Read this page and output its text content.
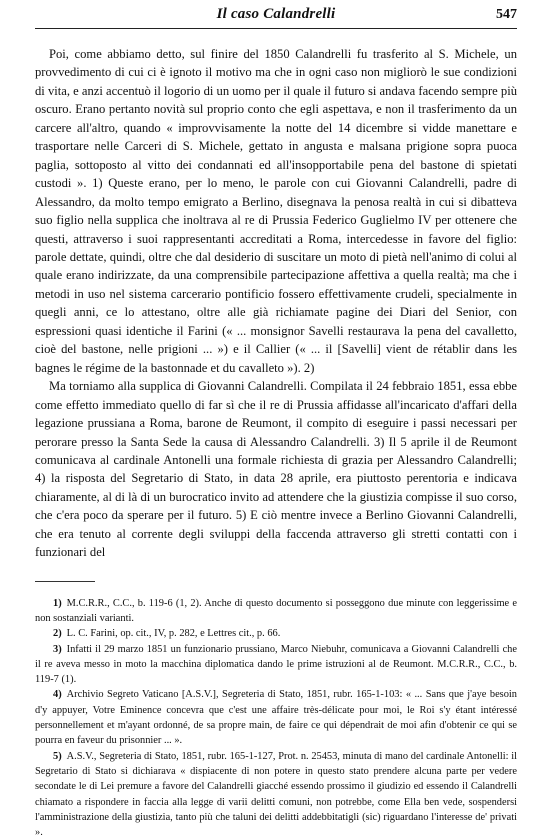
Il caso Calandrelli	547

Poi, come abbiamo detto, sul finire del 1850 Calandrelli fu trasferito al S. Michele, un provvedimento di cui ci è ignoto il motivo ma che in ogni caso non migliorò le sue condizioni di vita, e anzi accentuò il logorio di un uomo per il quale il futuro si andava facendo sempre più oscuro. Erano pertanto novità sul proprio conto che egli aspettava, e non il trasferimento da un carcere all'altro, quando « improvvisamente la notte del 14 dicembre si vidde manettare e trasportare nelle Carceri di S. Michele, gettato in angusta e malsana prigione sopra puoca paglia, sottoposto al vitto dei condannati ed all'insopportabile pena del bastone di spietati custodi ». 1) Queste erano, per lo meno, le parole con cui Giovanni Calandrelli, padre di Alessandro, da molto tempo emigrato a Berlino, disegnava la penosa realtà in cui si dibatteva suo figlio nella supplica che inoltrava al re di Prussia Federico Guglielmo IV per ottenere che questi, attraverso i suoi rappresentanti accreditati a Roma, intercedesse in favore del figlio: parole dettate, quindi, oltre che dal desiderio di suscitare un moto di pietà nell'animo di colui al quale erano indirizzate, da una comprensibile partecipazione affettiva a quella realtà; ma che i metodi in uso nel sistema carcerario pontificio fossero effettivamente crudeli, specialmente in quegli anni, ce lo attestano, oltre alle già richiamate pagine dei Diari del Senior, con espressioni quasi identiche il Farini (« ... monsignor Savelli restaurava la pena del cavalletto, cioè del bastone, nelle prigioni ... ») e il Callier (« ... il [Savelli] vient de rétablir dans les bagnes le régime de la bastonnade et du cavalleto »). 2)

Ma torniamo alla supplica di Giovanni Calandrelli. Compilata il 24 febbraio 1851, essa ebbe come effetto immediato quello di far sì che il re di Prussia affidasse all'incaricato d'affari della legazione prussiana a Roma, barone de Reumont, il compito di eseguire i passi necessari per perorare presso la Santa Sede la causa di Alessandro Calandrelli. 3) Il 5 aprile il de Reumont comunicava al cardinale Antonelli una formale richiesta di grazia per Alessandro Calandrelli; 4) la risposta del Segretario di Stato, in data 28 aprile, era piuttosto perentoria e indicava chiaramente, al di là di un burocratico invito ad attendere che la giustizia compisse il suo corso, che c'era poco da sperare per il futuro. 5) E ciò mentre invece a Berlino Giovanni Calandrelli, che era tenuto al corrente degli sviluppi della faccenda attraverso gli stretti contatti con i funzionari del

1) M.C.R.R., C.C., b. 119-6 (1, 2). Anche di questo documento si posseggono due minute con leggerissime e non sostanziali varianti.

2) L. C. Farini, op. cit., IV, p. 282, e Lettres cit., p. 66.

3) Infatti il 29 marzo 1851 un funzionario prussiano, Marco Niebuhr, comunicava a Giovanni Calandrelli che il re aveva messo in moto la macchina diplomatica dando le prime istruzioni al de Reumont. M.C.R.R., C.C., b. 119-7 (1).

4) Archivio Segreto Vaticano [A.S.V.], Segreteria di Stato, 1851, rubr. 165-1-103: « ... Sans que j'aye besoin d'y appuyer, Votre Eminence concevra que c'est une affaire très-délicate pour moi, le Roi s'y étant intéressé personnellement et m'ayant ordonné, de sa propre main, de faire ce qui dépendrait de moi afin d'obtenir ce qui se pourra en faveur du prisonnier ... ».

5) A.S.V., Segreteria di Stato, 1851, rubr. 165-1-127, Prot. n. 25453, minuta di mano del cardinale Antonelli: il Segretario di Stato si dichiarava « dispiacente di non potere in questo stato prendere alcuna parte per vedere secondate le di Lei premure a favore del Calandrelli giacché essendo prossimo il giudizio ed essendo il Calandrelli chiamato a rispondere in faccia alla legge di varii delitti comuni, non potrebbe, come Ella ben vede, sospendersi l'amministrazione della giustizia, tanto più che taluni dei delitti addebbitatigli (sic) riguardano l'interesse de' privati ».
